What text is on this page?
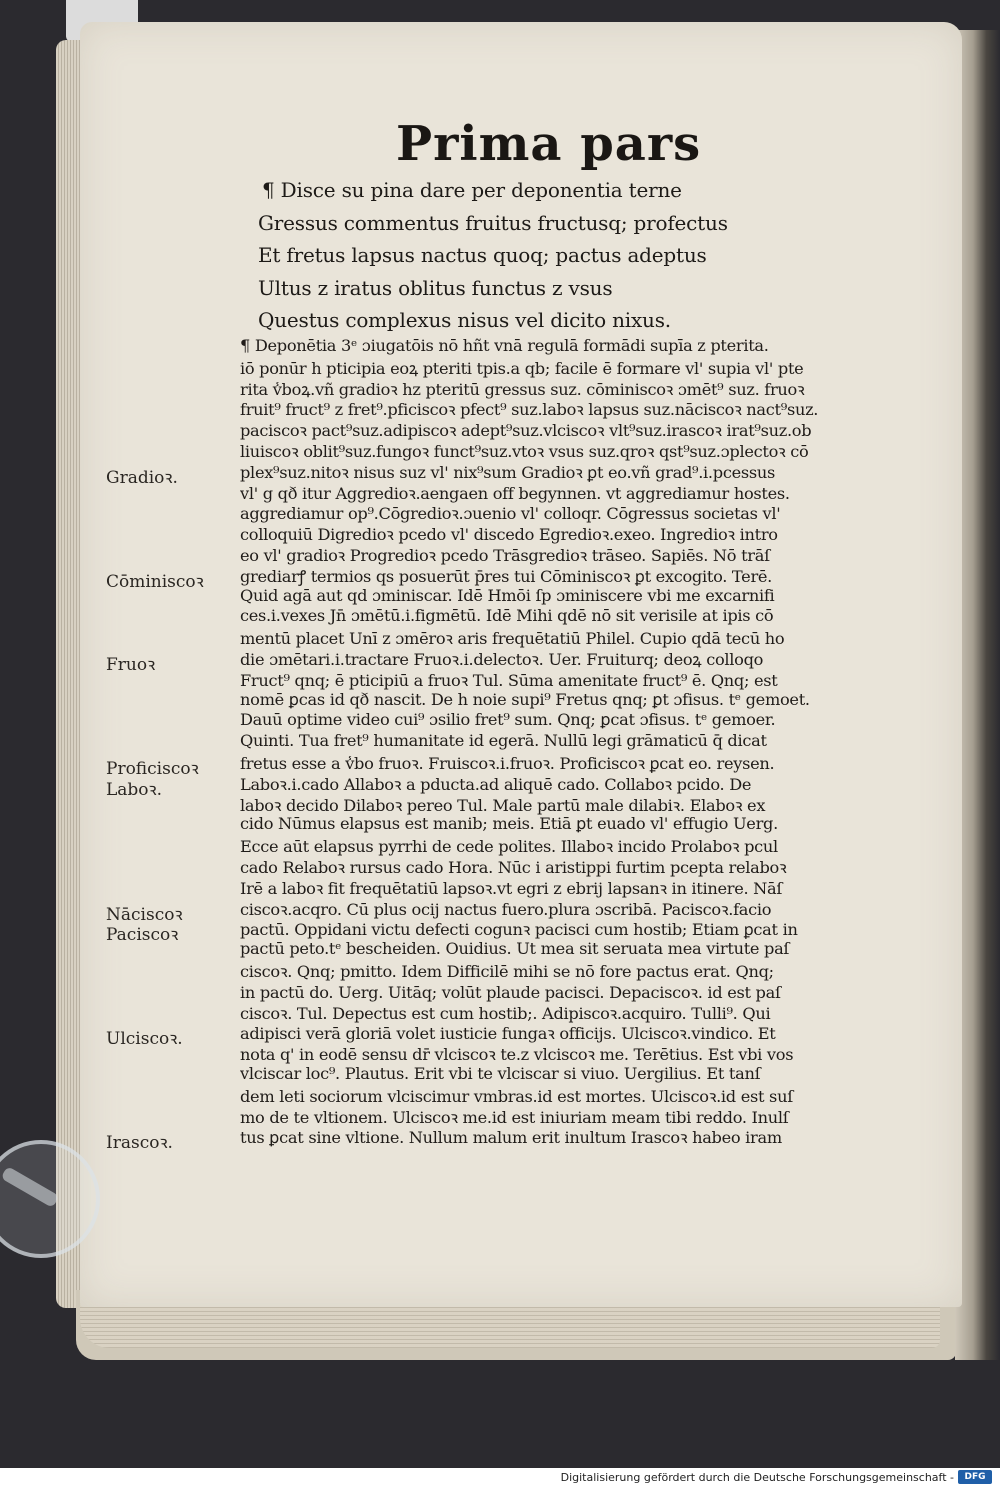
Prima pars
¶ Disce su pina dare per deponentia terne
Gressus commentus fruitus fructusq; profectus
Et fretus lapsus nactus quoq; pactus adeptus
Ultus z iratus oblitus functus z vsus
Questus complexus nisus vel dicito nixus.
¶ Deponētia 3ᵉ ɔiugatōis nō hñt vnā regulā formādi supīa z pterita.
iō ponūr h pticipia eoꝝ pteriti tpis.a qb; facile ē formare vl' supia vl' pte
rita v̾boꝝ.vñ gradioꝛ hz pteritū gressus suz. cōminiscoꝛ ɔmēt⁹ suz. fruoꝛ
fruit⁹ fruct⁹ z fret⁹.pficiscoꝛ pfect⁹ suz.laboꝛ lapsus suz.nāciscoꝛ nact⁹suz.
paciscoꝛ pact⁹suz.adipiscoꝛ adept⁹suz.vlciscoꝛ vlt⁹suz.irascoꝛ irat⁹suz.ob
liuiscoꝛ oblit⁹suz.fungoꝛ funct⁹suz.vtoꝛ vsus suz.qroꝛ qst⁹suz.ɔplectoꝛ cō
plex⁹suz.nitoꝛ nisus suz vl' nix⁹sum Gradioꝛ ꝑt eo.vñ grad⁹.i.pcessus
vl' g qð itur Aggredioꝛ.aengaen off begynnen. vt aggrediamur hostes.
aggrediamur op⁹.Cōgredioꝛ.ɔuenio vl' colloqr. Cōgressus societas vl'
colloquiū Digredioꝛ pcedo vl' discedo Egredioꝛ.exeo. Ingredioꝛ intro
eo vl' gradioꝛ Progredioꝛ pcedo Trāsgredioꝛ trāseo. Sapiēs. Nō trāſ
grediarꝭ termios qs posuerūt p̄res tui Cōminiscoꝛ ꝑt excogito. Terē.
Quid agā aut qd ɔminiscar. Idē Hmōi ſp ɔminiscere vbi me excarnifi
ces.i.vexes Jn̄ ɔmētū.i.figmētū. Idē Mihi qdē nō sit verisile at ipis cō
mentū placet Unī z ɔmēroꝛ aris frequētatiū Philel. Cupio qdā tecū ho
die ɔmētari.i.tractare Fruoꝛ.i.delectoꝛ. Uer. Fruiturq; deoꝝ colloqo
Fruct⁹ qnq; ē pticipiū a fruoꝛ Tul. Sūma amenitate fruct⁹ ē. Qnq; est
nomē ꝑcas id qð nascit. De h noie supi⁹ Fretus qnq; ꝑt ɔfisus. tᵉ gemoet.
Dauū optime video cui⁹ ɔsilio fret⁹ sum. Qnq; ꝑcat ɔfisus. tᵉ gemoer.
Quinti. Tua fret⁹ humanitate id egerā. Nullū legi grāmaticū q̄ dicat
fretus esse a v̾bo fruoꝛ. Fruiscoꝛ.i.fruoꝛ. Proficiscoꝛ ꝑcat eo. reysen.
Laboꝛ.i.cado Allaboꝛ a pducta.ad aliquē cado. Collaboꝛ pcido. De
laboꝛ decido Dilaboꝛ pereo Tul. Male partū male dilabiꝛ. Elaboꝛ ex
cido Nūmus elapsus est manib; meis. Etiā ꝑt euado vl' effugio Uerg.
Ecce aūt elapsus pyrrhi de cede polites. Illaboꝛ incido Prolaboꝛ pcul
cado Relaboꝛ rursus cado Hora. Nūc i aristippi furtim pcepta relaboꝛ
Irē a laboꝛ fit frequētatiū lapsoꝛ.vt egri z ebrij lapsanꝛ in itinere. Nāſ
ciscoꝛ.acqro. Cū plus ocij nactus fuero.plura ɔscribā. Paciscoꝛ.facio
pactū. Oppidani victu defecti cogunꝛ pacisci cum hostib; Etiam ꝑcat in
pactū peto.tᵉ bescheiden. Ouidius. Ut mea sit seruata mea virtute paſ
ciscoꝛ. Qnq; pmitto. Idem Difficilē mihi se nō fore pactus erat. Qnq;
in pactū do. Uerg. Uitāq; volūt plaude pacisci. Depaciscoꝛ. id est paſ
ciscoꝛ. Tul. Depectus est cum hostib;. Adipiscoꝛ.acquiro. Tulli⁹. Qui
adipisci verā gloriā volet iusticie fungaꝛ officijs. Ulciscoꝛ.vindico. Et
nota q' in eodē sensu dr̄ vlciscoꝛ te.z vlciscoꝛ me. Terētius. Est vbi vos
vlciscar loc⁹. Plautus. Erit vbi te vlciscar si viuo. Uergilius. Et tanſ
dem leti sociorum vlciscimur vmbras.id est mortes. Ulciscoꝛ.id est suſ
mo de te vltionem. Ulciscoꝛ me.id est iniuriam meam tibi reddo. Inulſ
tus ꝑcat sine vltione. Nullum malum erit inultum Irascoꝛ habeo iram
Gradioꝛ.
Cōminiscoꝛ
Fruoꝛ
Proficiscoꝛ
Laboꝛ.
Nāciscoꝛ
Paciscoꝛ
Ulciscoꝛ.
Irascoꝛ.
Digitalisierung gefördert durch die Deutsche Forschungsgemeinschaft -	DFG
